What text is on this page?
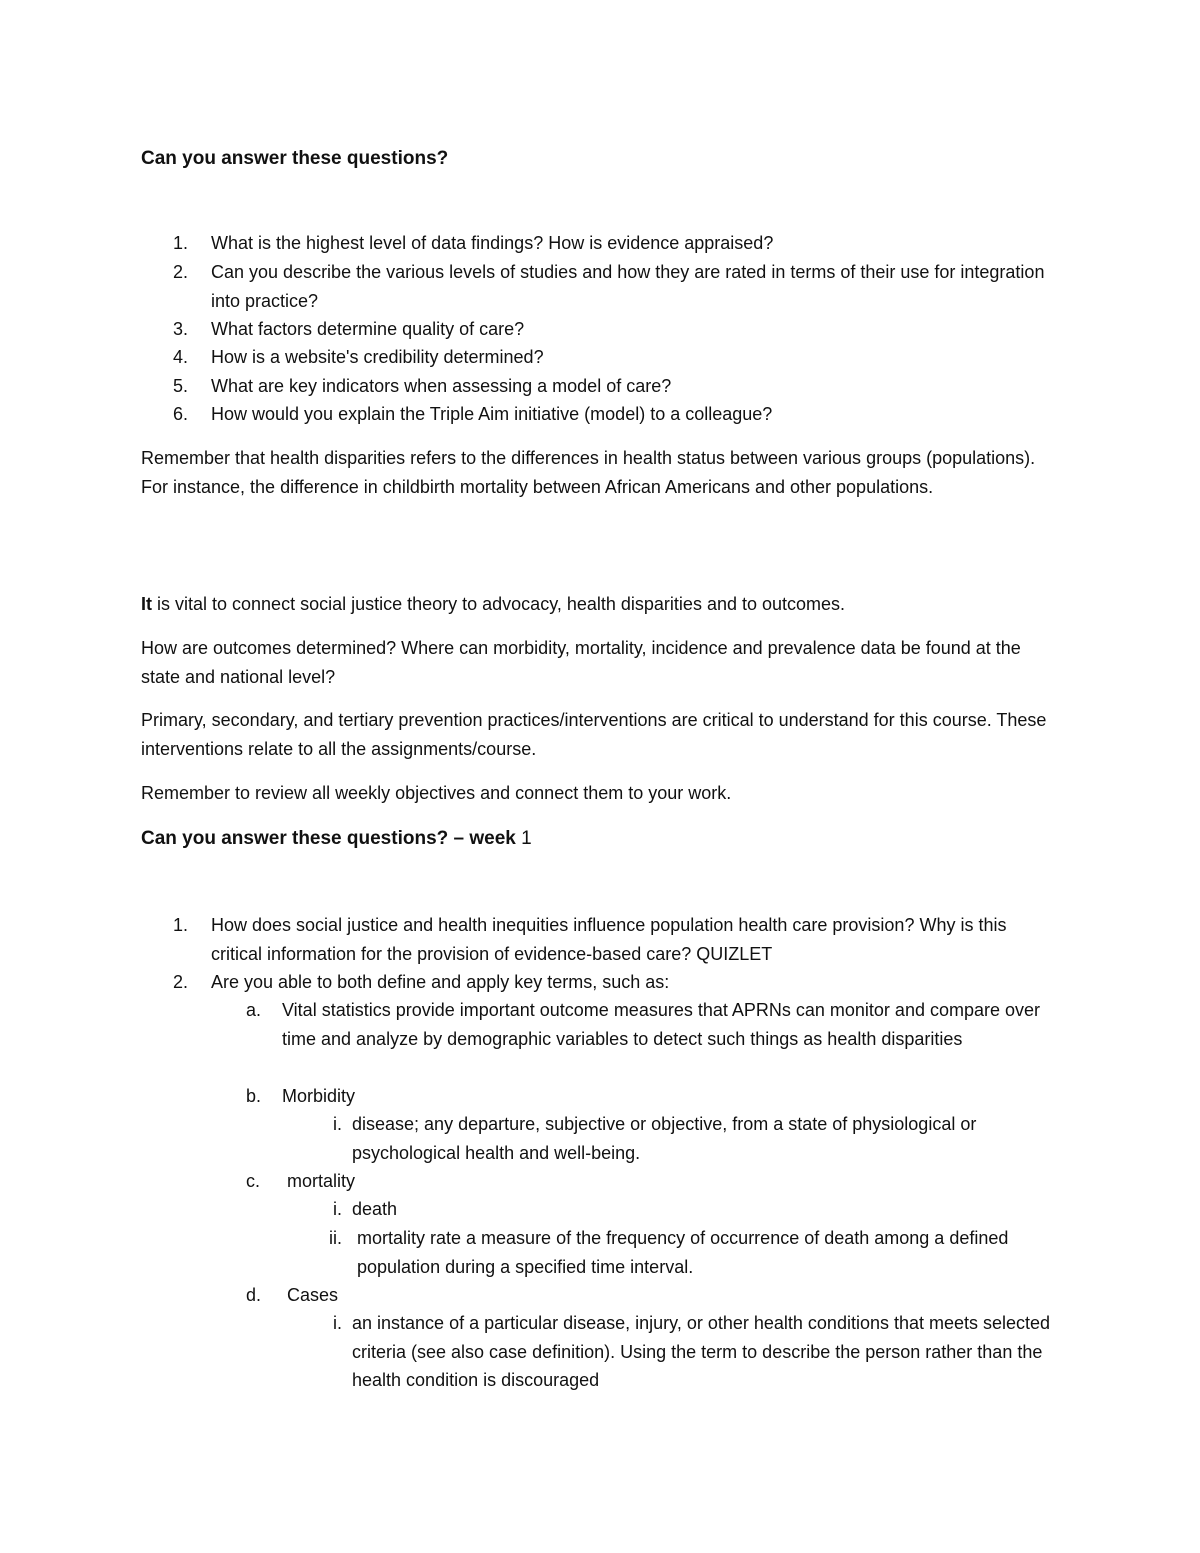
Can you answer these questions?
1.	What is the highest level of data findings? How is evidence appraised?
2.	Can you describe the various levels of studies and how they are rated in terms of their use for integration into practice?
3.	What factors determine quality of care?
4.	How is a website's credibility determined?
5.	What are key indicators when assessing a model of care?
6.	How would you explain the Triple Aim initiative (model) to a colleague?
Remember that health disparities refers to the differences in health status between various groups (populations). For instance, the difference in childbirth mortality between African Americans and other populations.
It is vital to connect social justice theory to advocacy, health disparities and to outcomes.
How are outcomes determined? Where can morbidity, mortality, incidence and prevalence data be found at the state and national level?
Primary, secondary, and tertiary prevention practices/interventions are critical to understand for this course. These interventions relate to all the assignments/course.
Remember to review all weekly objectives and connect them to your work.
Can you answer these questions? – week 1
1.	How does social justice and health inequities influence population health care provision? Why is this critical information for the provision of evidence-based care? QUIZLET
2.	Are you able to both define and apply key terms, such as:
a.	Vital statistics provide important outcome measures that APRNs can monitor and compare over time and analyze by demographic variables to detect such things as health disparities
b.	Morbidity
i. disease; any departure, subjective or objective, from a state of physiological or psychological health and well-being.
c.	mortality
i. death
ii. mortality rate a measure of the frequency of occurrence of death among a defined population during a specified time interval.
d.	Cases
i. an instance of a particular disease, injury, or other health conditions that meets selected criteria (see also case definition). Using the term to describe the person rather than the health condition is discouraged
